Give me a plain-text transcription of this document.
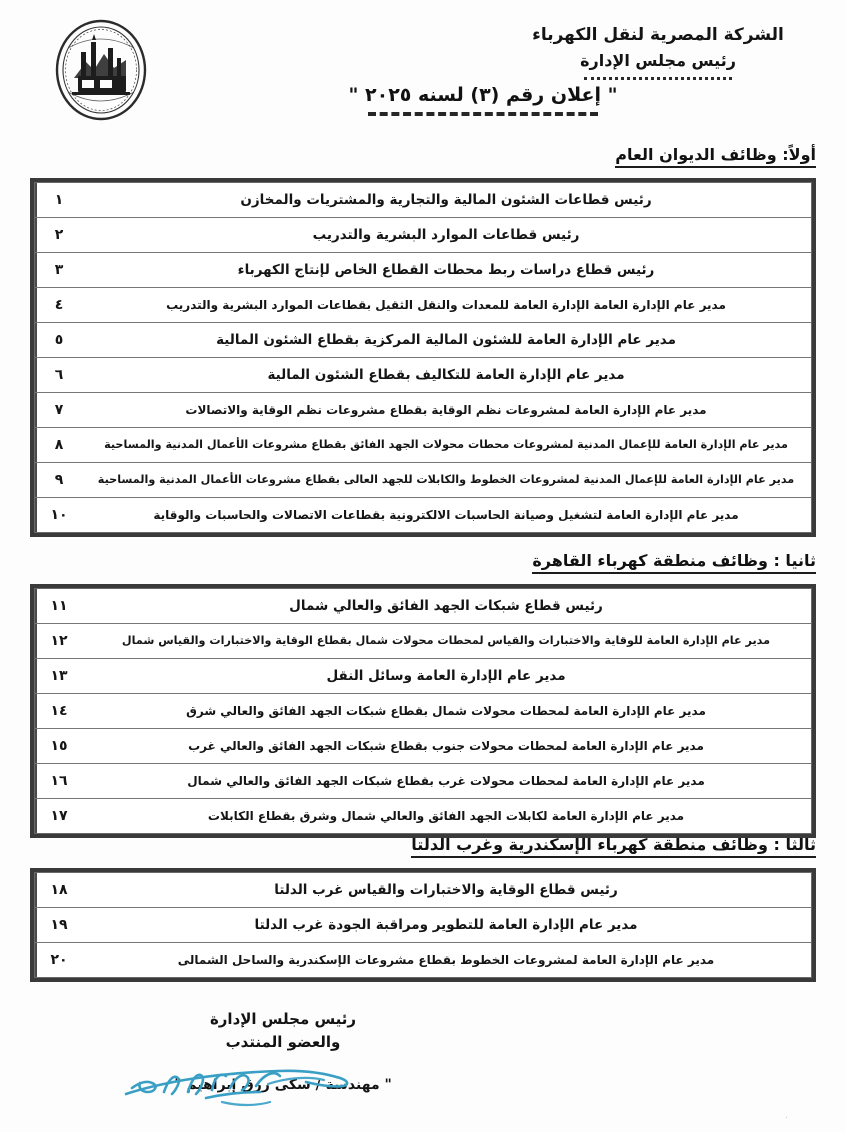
الشركة المصرية لنقل الكهرباء
رئيس مجلس الإدارة
" إعلان رقم (٣) لسنه ٢٠٢٥ "
أولاً: وظائف الديوان العام
رئيس قطاعات الشئون المالية والتجارية والمشتريات والمخازن
١
رئيس قطاعات الموارد البشرية والتدريب
٢
رئيس قطاع دراسات ربط محطات القطاع الخاص لإنتاج الكهرباء
٣
مدير عام الإدارة العامة الإدارة العامة للمعدات والنقل الثقيل بقطاعات الموارد البشرية والتدريب
٤
مدير عام الإدارة العامة للشئون المالية المركزية بقطاع الشئون المالية
٥
مدير عام الإدارة العامة للتكاليف بقطاع الشئون المالية
٦
مدير عام الإدارة العامة لمشروعات نظم الوقاية بقطاع مشروعات نظم الوقاية والاتصالات
٧
مدير عام الإدارة العامة للإعمال المدنية لمشروعات محطات محولات الجهد الفائق بقطاع مشروعات الأعمال المدنية والمساحية
٨
مدير عام الإدارة العامة للإعمال المدنية لمشروعات الخطوط والكابلات للجهد العالى بقطاع مشروعات الأعمال المدنية والمساحية
٩
مدير عام الإدارة العامة لتشغيل وصيانة الحاسبات الالكترونية بقطاعات الاتصالات والحاسبات والوقاية
١٠
ثانيا : وظائف منطقة كهرباء القاهرة
رئيس قطاع شبكات الجهد الفائق والعالي شمال
١١
مدير عام الإدارة العامة للوقاية والاختبارات والقياس لمحطات محولات شمال بقطاع الوقاية والاختبارات والقياس شمال
١٢
مدير عام الإدارة العامة وسائل النقل
١٣
مدير عام الإدارة العامة لمحطات محولات شمال بقطاع شبكات الجهد الفائق والعالي شرق
١٤
مدير عام الإدارة العامة لمحطات محولات جنوب بقطاع شبكات الجهد الفائق والعالي غرب
١٥
مدير عام الإدارة العامة لمحطات محولات غرب بقطاع شبكات الجهد الفائق والعالي شمال
١٦
مدير عام الإدارة العامة لكابلات الجهد الفائق والعالي شمال وشرق بقطاع الكابلات
١٧
ثالثا : وظائف منطقة كهرباء الإسكندرية وغرب الدلتا
رئيس قطاع الوقاية والاختبارات والقياس غرب الدلتا
١٨
مدير عام الإدارة العامة للتطوير ومراقبة الجودة غرب الدلتا
١٩
مدير عام الإدارة العامة لمشروعات الخطوط بقطاع مشروعات الإسكندرية والساحل الشمالى
٢٠
رئيس مجلس الإدارة
والعضو المنتدب
" مهندسة / سكى رزق إبراهيم "
·
